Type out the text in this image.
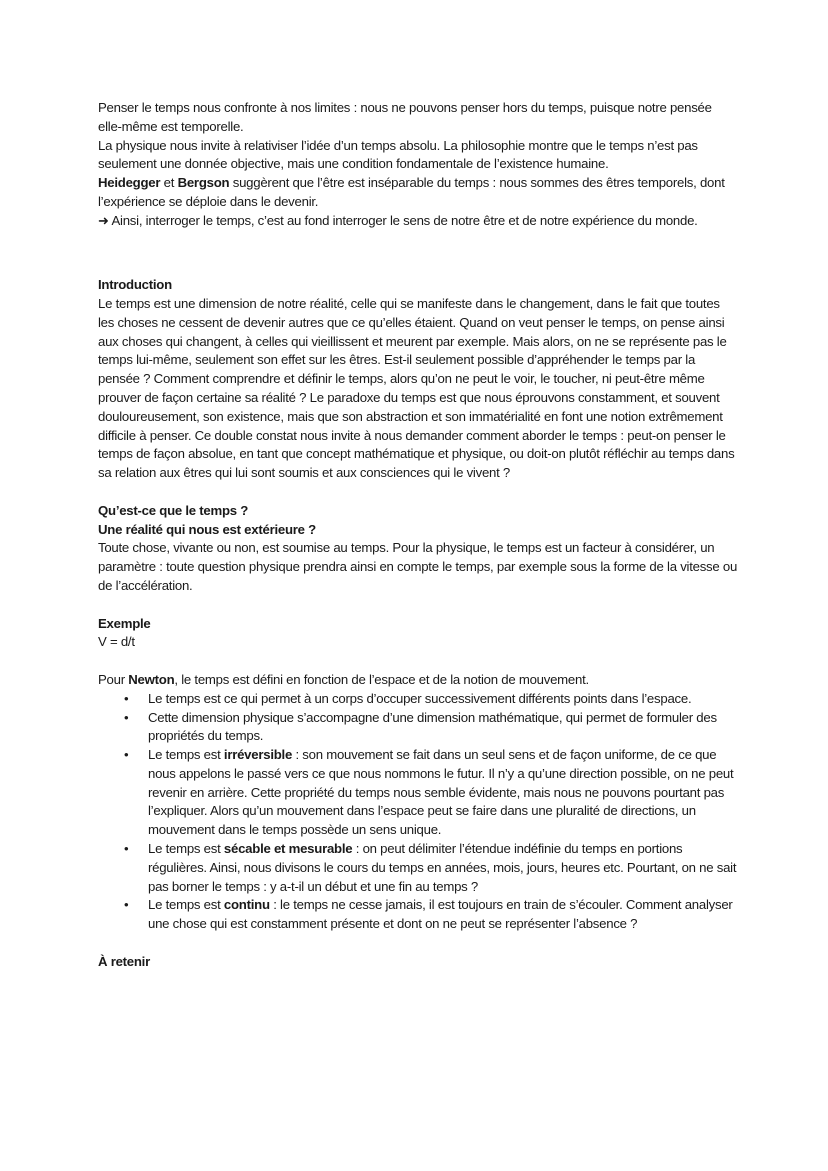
Penser le temps nous confronte à nos limites : nous ne pouvons penser hors du temps, puisque notre pensée elle-même est temporelle.

La physique nous invite à relativiser l’idée d’un temps absolu. La philosophie montre que le temps n’est pas seulement une donnée objective, mais une condition fondamentale de l’existence humaine.

Heidegger et Bergson suggèrent que l’être est inséparable du temps : nous sommes des êtres temporels, dont l’expérience se déploie dans le devenir.

➜ Ainsi, interroger le temps, c’est au fond interroger le sens de notre être et de notre expérience du monde.

Introduction

Le temps est une dimension de notre réalité, celle qui se manifeste dans le changement, dans le fait que toutes les choses ne cessent de devenir autres que ce qu’elles étaient. Quand on veut penser le temps, on pense ainsi aux choses qui changent, à celles qui vieillissent et meurent par exemple. Mais alors, on ne se représente pas le temps lui-même, seulement son effet sur les êtres. Est-il seulement possible d’appréhender le temps par la pensée ? Comment comprendre et définir le temps, alors qu’on ne peut le voir, le toucher, ni peut-être même prouver de façon certaine sa réalité ? Le paradoxe du temps est que nous éprouvons constamment, et souvent douloureusement, son existence, mais que son abstraction et son immatérialité en font une notion extrêmement difficile à penser. Ce double constat nous invite à nous demander comment aborder le temps : peut-on penser le temps de façon absolue, en tant que concept mathématique et physique, ou doit-on plutôt réfléchir au temps dans sa relation aux êtres qui lui sont soumis et aux consciences qui le vivent ?

Qu’est-ce que le temps ?

Une réalité qui nous est extérieure ?

Toute chose, vivante ou non, est soumise au temps. Pour la physique, le temps est un facteur à considérer, un paramètre : toute question physique prendra ainsi en compte le temps, par exemple sous la forme de la vitesse ou de l’accélération.

Exemple

V = d/t

Pour Newton, le temps est défini en fonction de l’espace et de la notion de mouvement.

• Le temps est ce qui permet à un corps d’occuper successivement différents points dans l’espace.
• Cette dimension physique s’accompagne d’une dimension mathématique, qui permet de formuler des propriétés du temps.
• Le temps est irréversible : son mouvement se fait dans un seul sens et de façon uniforme, de ce que nous appelons le passé vers ce que nous nommons le futur. Il n’y a qu’une direction possible, on ne peut revenir en arrière. Cette propriété du temps nous semble évidente, mais nous ne pouvons pourtant pas l’expliquer. Alors qu’un mouvement dans l’espace peut se faire dans une pluralité de directions, un mouvement dans le temps possède un sens unique.
• Le temps est sécable et mesurable : on peut délimiter l’étendue indéfinie du temps en portions régulières. Ainsi, nous divisons le cours du temps en années, mois, jours, heures etc. Pourtant, on ne sait pas borner le temps : y a-t-il un début et une fin au temps ?
• Le temps est continu : le temps ne cesse jamais, il est toujours en train de s’écouler. Comment analyser une chose qui est constamment présente et dont on ne peut se représenter l’absence ?

À retenir
